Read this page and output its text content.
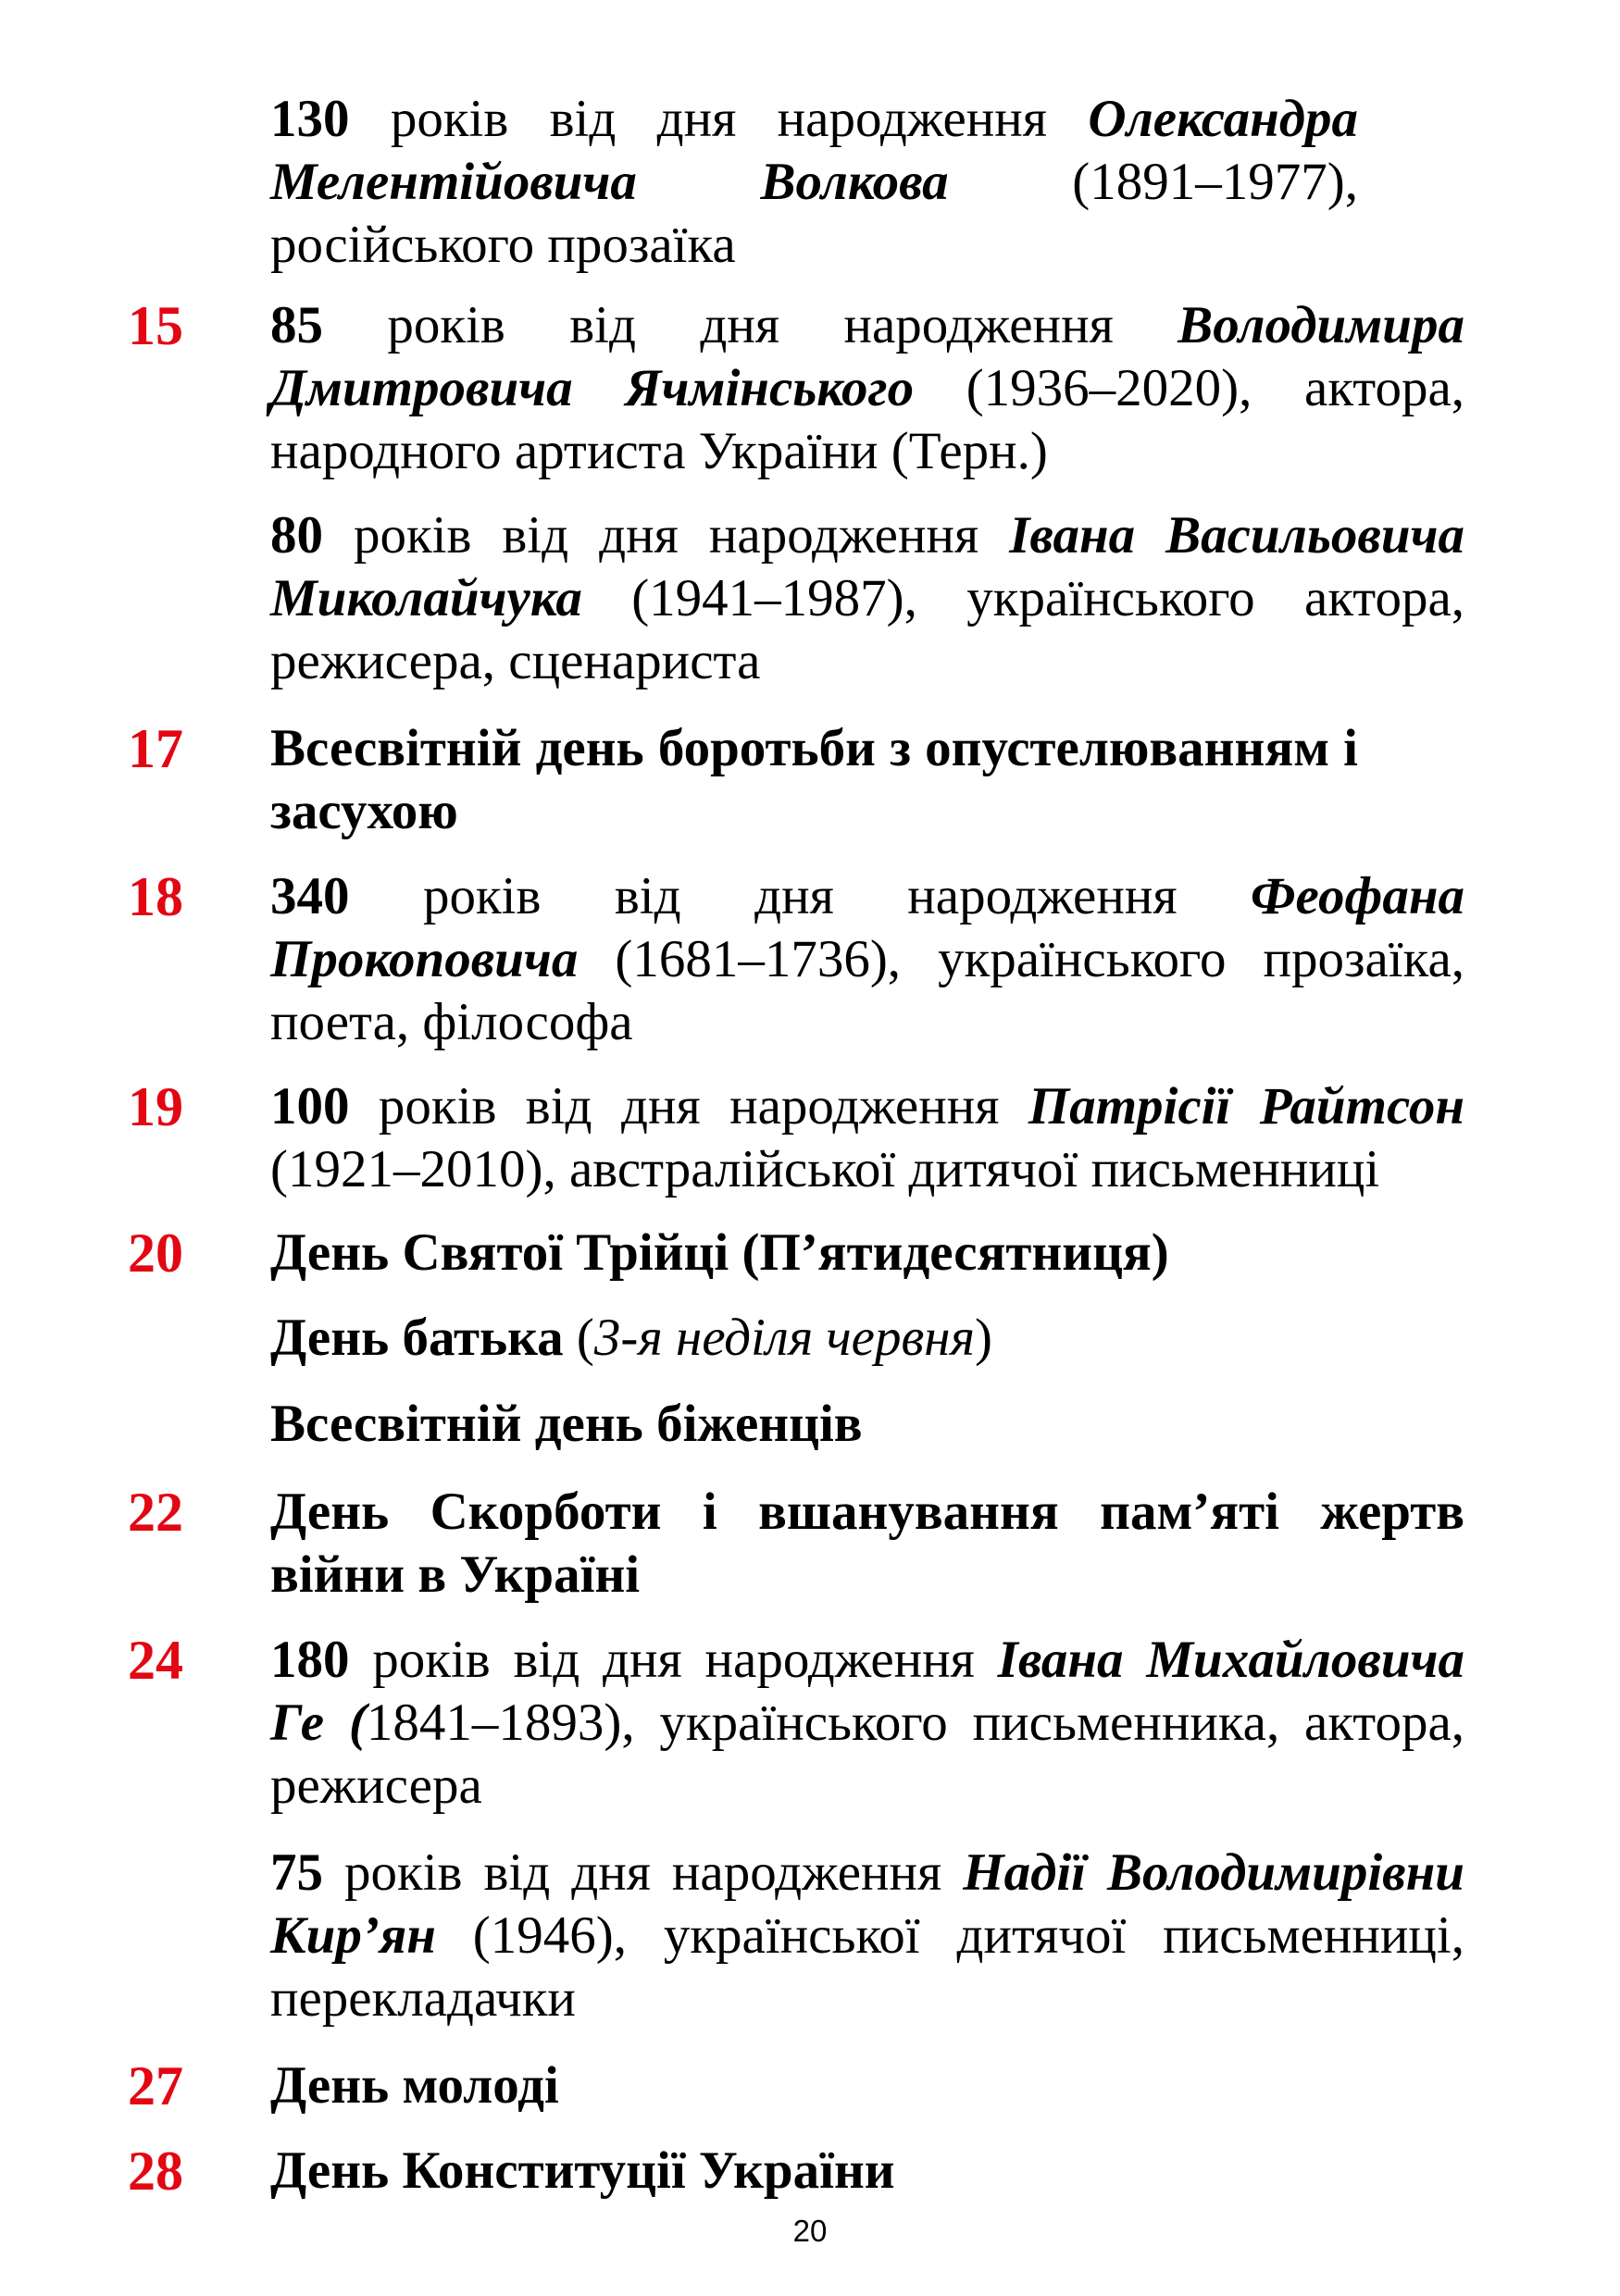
130 років від дня народження Олександра Мелентійовича Волкова (1891–1977), російського прозаїка

15 85 років від дня народження Володимира Дмитровича Ячмінського (1936–2020), актора, народного артиста України (Терн.)

80 років від дня народження Івана Васильовича Миколайчука (1941–1987), українського актора, режисера, сценариста

17 Всесвітній день боротьби з опустелюванням і засухою

18 340 років від дня народження Феофана Прокоповича (1681–1736), українського прозаїка, поета, філософа

19 100 років від дня народження Патрісії Райтсон (1921–2010), австралійської дитячої письменниці

20 День Святої Трійці (П’ятидесятниця)

День батька (3-я неділя червня)

Всесвітній день біженців

22 День Скорботи і вшанування пам’яті жертв війни в Україні

24 180 років від дня народження Івана Михайловича Ге (1841–1893), українського письменника, актора, режисера

75 років від дня народження Надії Володимирівни Кир’ян (1946), української дитячої письменниці, перекладачки

27 День молоді

28 День Конституції України

20
